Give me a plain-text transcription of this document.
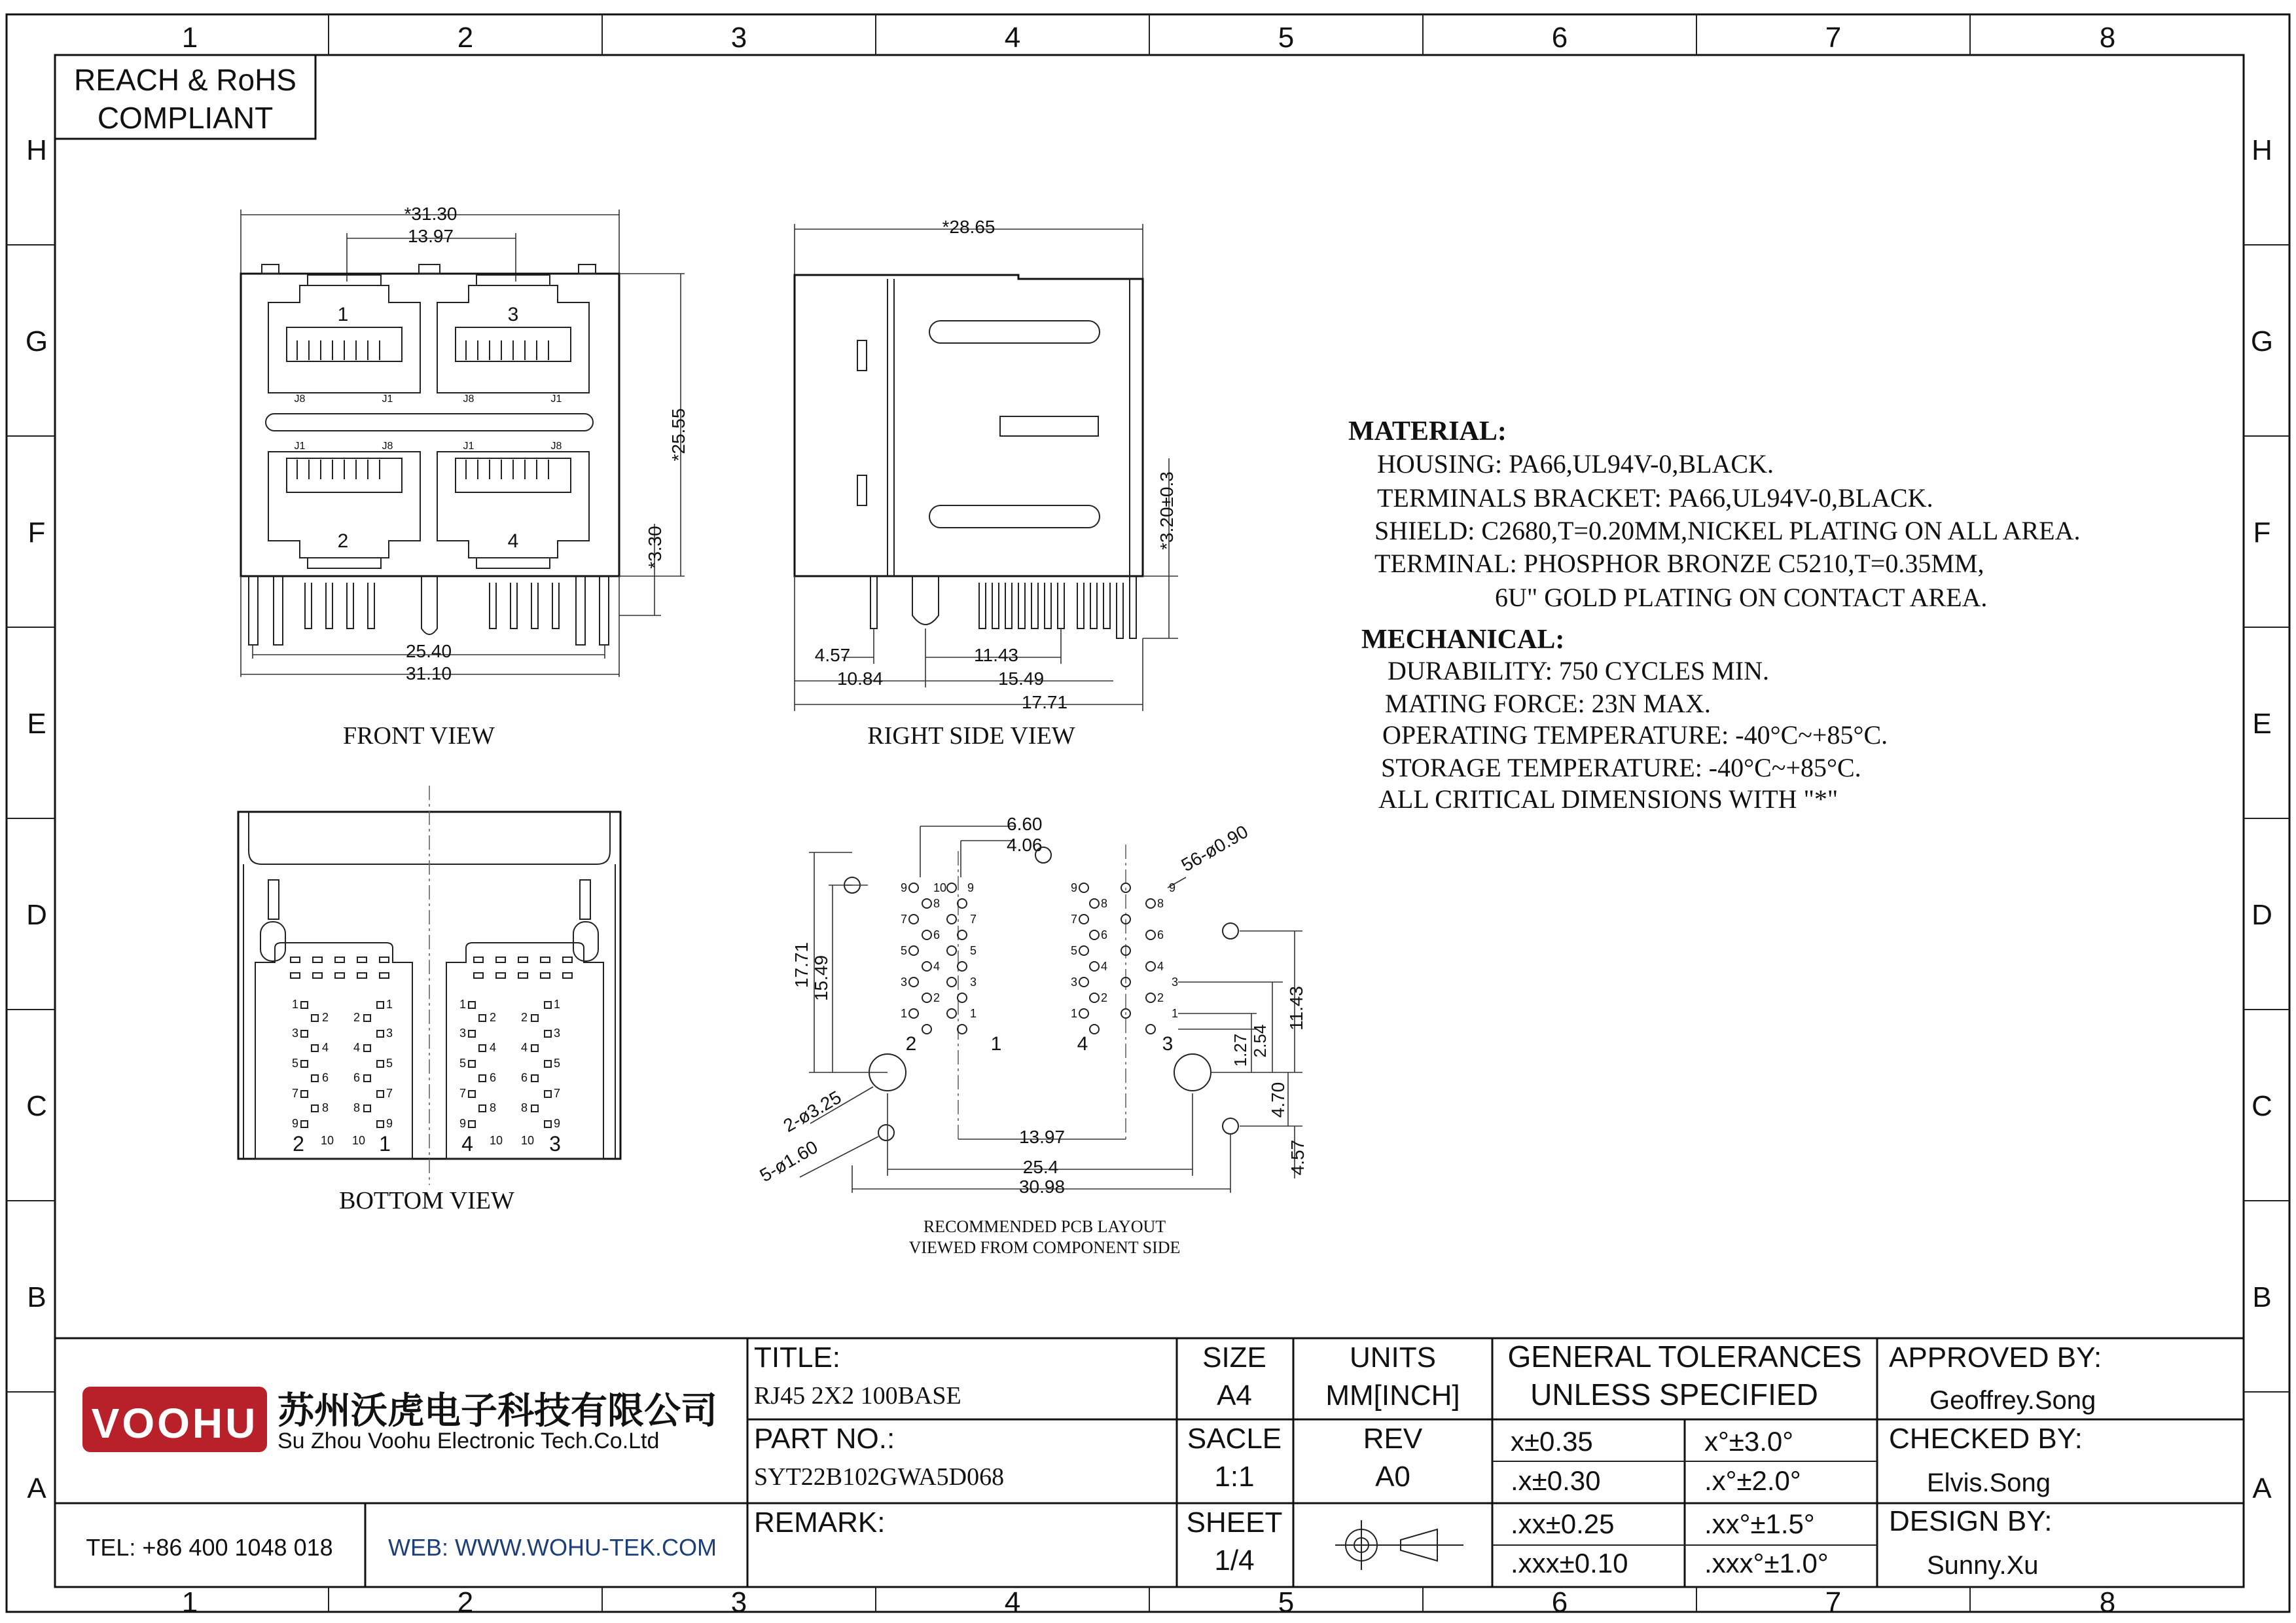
1	2	3	4	5	6	7	8
1	2	3	4	5	6	7	8
H
G
F
E
D
C
B
A
H
G
F
E
D
C
B
A
REACH & RoHS
COMPLIANT
*31.30
13.97
1
J8	J1
3
J8	J1
J1	J8
2
J1	J8
4
*25.55
*3.30
25.40
31.10
FRONT VIEW
*28.65
*3.20±0.3
4.57	11.43
10.84	15.49
17.71
RIGHT SIDE VIEW
1
3
5
7
9
2
4
6
8
2
4
6
8
1
3
5
7
9
10 10
2	1
1
3
5
7
9
2
4
6
8
2
4
6
8
1
3
5
7
9
10 10
4	3
BOTTOM VIEW
6.60
4.06	56-ø0.90
9 10
8
7
6
5
4
3
2
1
9
7
5
3
1
9
7
5
3
1
8
6
4
2
8
6
4
2
9
3
1
2	1	4	3
17.71 15.49
2-ø3.25
5-ø1.60	13.97
25.4
30.98
11.43
1.27 2.54
4.70
4.57
RECOMMENDED PCB LAYOUT
VIEWED FROM COMPONENT SIDE
MATERIAL:
HOUSING: PA66,UL94V-0,BLACK.
TERMINALS BRACKET: PA66,UL94V-0,BLACK.
SHIELD: C2680,T=0.20MM,NICKEL PLATING ON ALL AREA.
TERMINAL: PHOSPHOR BRONZE C5210,T=0.35MM,
6U" GOLD PLATING ON CONTACT AREA.
MECHANICAL:
DURABILITY: 750 CYCLES MIN.
MATING FORCE: 23N MAX.
OPERATING TEMPERATURE: -40°C~+85°C.
STORAGE TEMPERATURE: -40°C~+85°C.
ALL CRITICAL DIMENSIONS WITH "*"
VOOHU 苏州沃虎电子科技有限公司
Su Zhou Voohu Electronic Tech.Co.Ltd
TEL: +86 400 1048 018 WEB: WWW.WOHU-TEK.COM
TITLE:
RJ45 2X2 100BASE
PART NO.:
SYT22B102GWA5D068
REMARK:
SIZE
A4
SACLE
1:1
SHEET
1/4
UNITS
MM[INCH]
REV
A0
GENERAL TOLERANCES
UNLESS SPECIFIED
x±0.35	x°±3.0°
.x±0.30	.x°±2.0°
.xx±0.25	.xx°±1.5°
.xxx±0.10	.xxx°±1.0°
APPROVED BY:
Geoffrey.Song
CHECKED BY:
Elvis.Song
DESIGN BY:
Sunny.Xu
